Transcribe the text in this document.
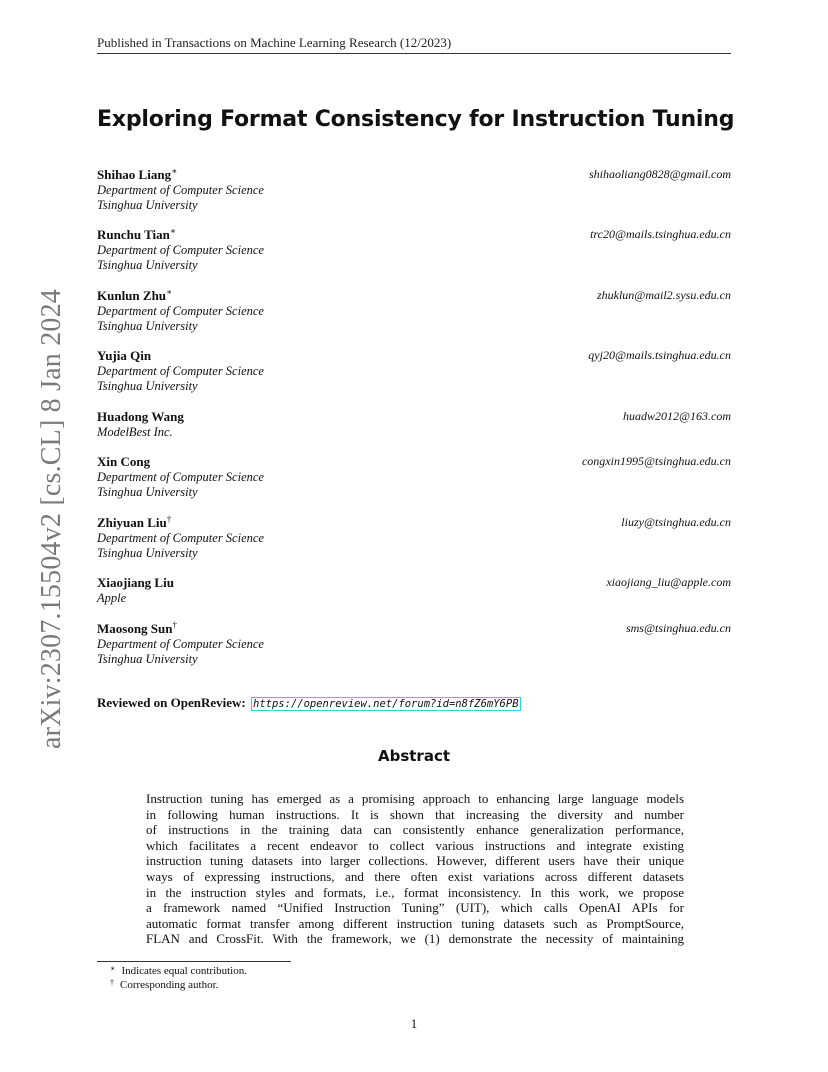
Published in Transactions on Machine Learning Research (12/2023)
arXiv:2307.15504v2 [cs.CL] 8 Jan 2024
Exploring Format Consistency for Instruction Tuning
Shihao Liang∗
Department of Computer Science
Tsinghua University
shihaoliang0828@gmail.com
Runchu Tian∗
Department of Computer Science
Tsinghua University
trc20@mails.tsinghua.edu.cn
Kunlun Zhu∗
Department of Computer Science
Tsinghua University
zhuklun@mail2.sysu.edu.cn
Yujia Qin
Department of Computer Science
Tsinghua University
qyj20@mails.tsinghua.edu.cn
Huadong Wang
ModelBest Inc.
huadw2012@163.com
Xin Cong
Department of Computer Science
Tsinghua University
congxin1995@tsinghua.edu.cn
Zhiyuan Liu†
Department of Computer Science
Tsinghua University
liuzy@tsinghua.edu.cn
Xiaojiang Liu
Apple
xiaojiang_liu@apple.com
Maosong Sun†
Department of Computer Science
Tsinghua University
sms@tsinghua.edu.cn
Reviewed on OpenReview: https://openreview.net/forum?id=n8fZ6mY6PB
Abstract
Instruction tuning has emerged as a promising approach to enhancing large language models
in following human instructions. It is shown that increasing the diversity and number
of instructions in the training data can consistently enhance generalization performance,
which facilitates a recent endeavor to collect various instructions and integrate existing
instruction tuning datasets into larger collections. However, different users have their unique
ways of expressing instructions, and there often exist variations across different datasets
in the instruction styles and formats, i.e., format inconsistency. In this work, we propose
a framework named “Unified Instruction Tuning” (UIT), which calls OpenAI APIs for
automatic format transfer among different instruction tuning datasets such as PromptSource,
FLAN and CrossFit. With the framework, we (1) demonstrate the necessity of maintaining
∗ Indicates equal contribution.
† Corresponding author.
1
